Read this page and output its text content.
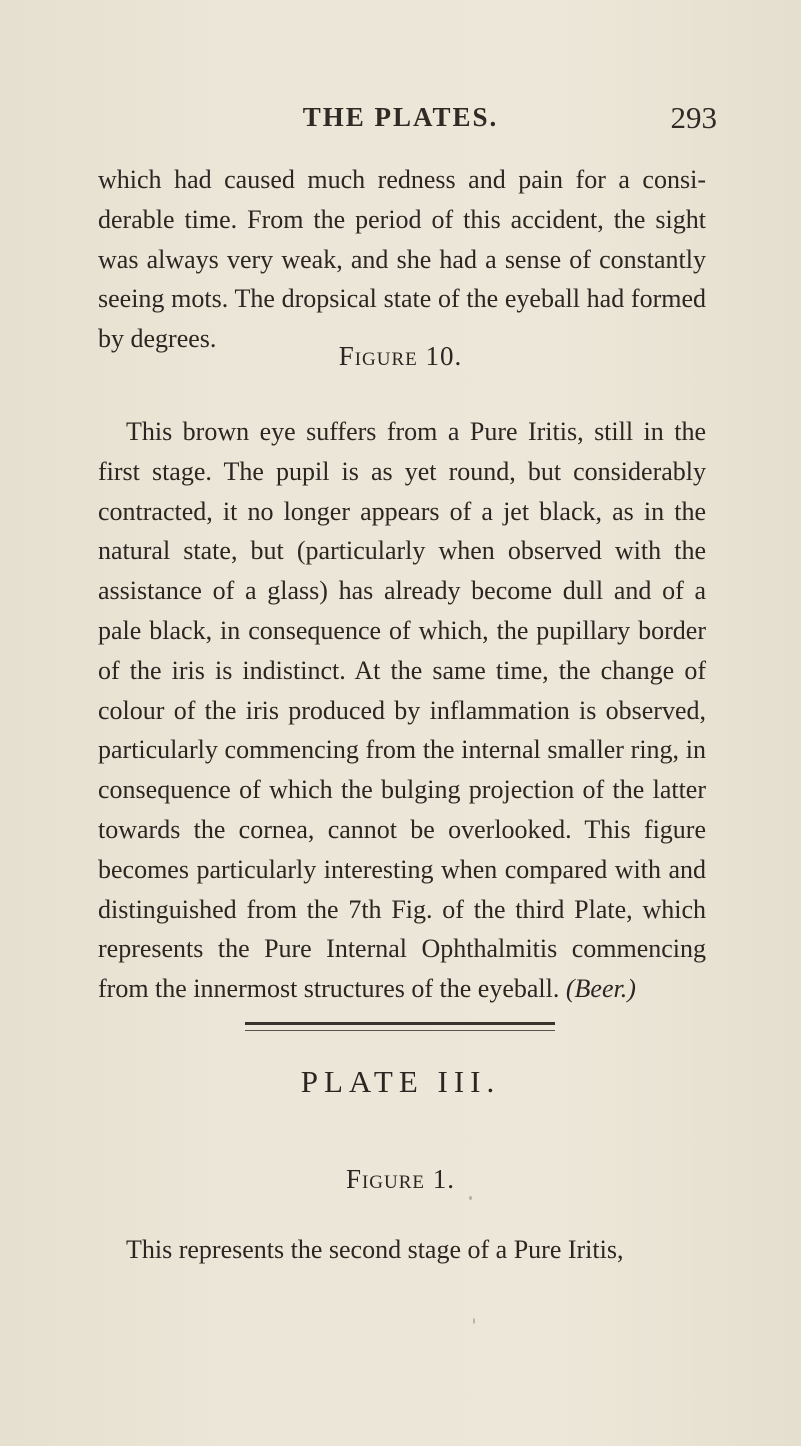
THE PLATES.	293

which had caused much redness and pain for a considerable time. From the period of this accident, the sight was always very weak, and she had a sense of constantly seeing mots. The dropsical state of the eyeball had formed by degrees.

Figure 10.

This brown eye suffers from a Pure Iritis, still in the first stage. The pupil is as yet round, but considerably contracted, it no longer appears of a jet black, as in the natural state, but (particularly when observed with the assistance of a glass) has already become dull and of a pale black, in consequence of which, the pupillary border of the iris is indistinct. At the same time, the change of colour of the iris produced by inflammation is observed, particularly commencing from the internal smaller ring, in consequence of which the bulging projection of the latter towards the cornea, cannot be overlooked. This figure becomes particularly interesting when compared with and distinguished from the 7th Fig. of the third Plate, which represents the Pure Internal Ophthalmitis commencing from the innermost structures of the eyeball. (Beer.)

PLATE III.
Figure 1.

This represents the second stage of a Pure Iritis,
